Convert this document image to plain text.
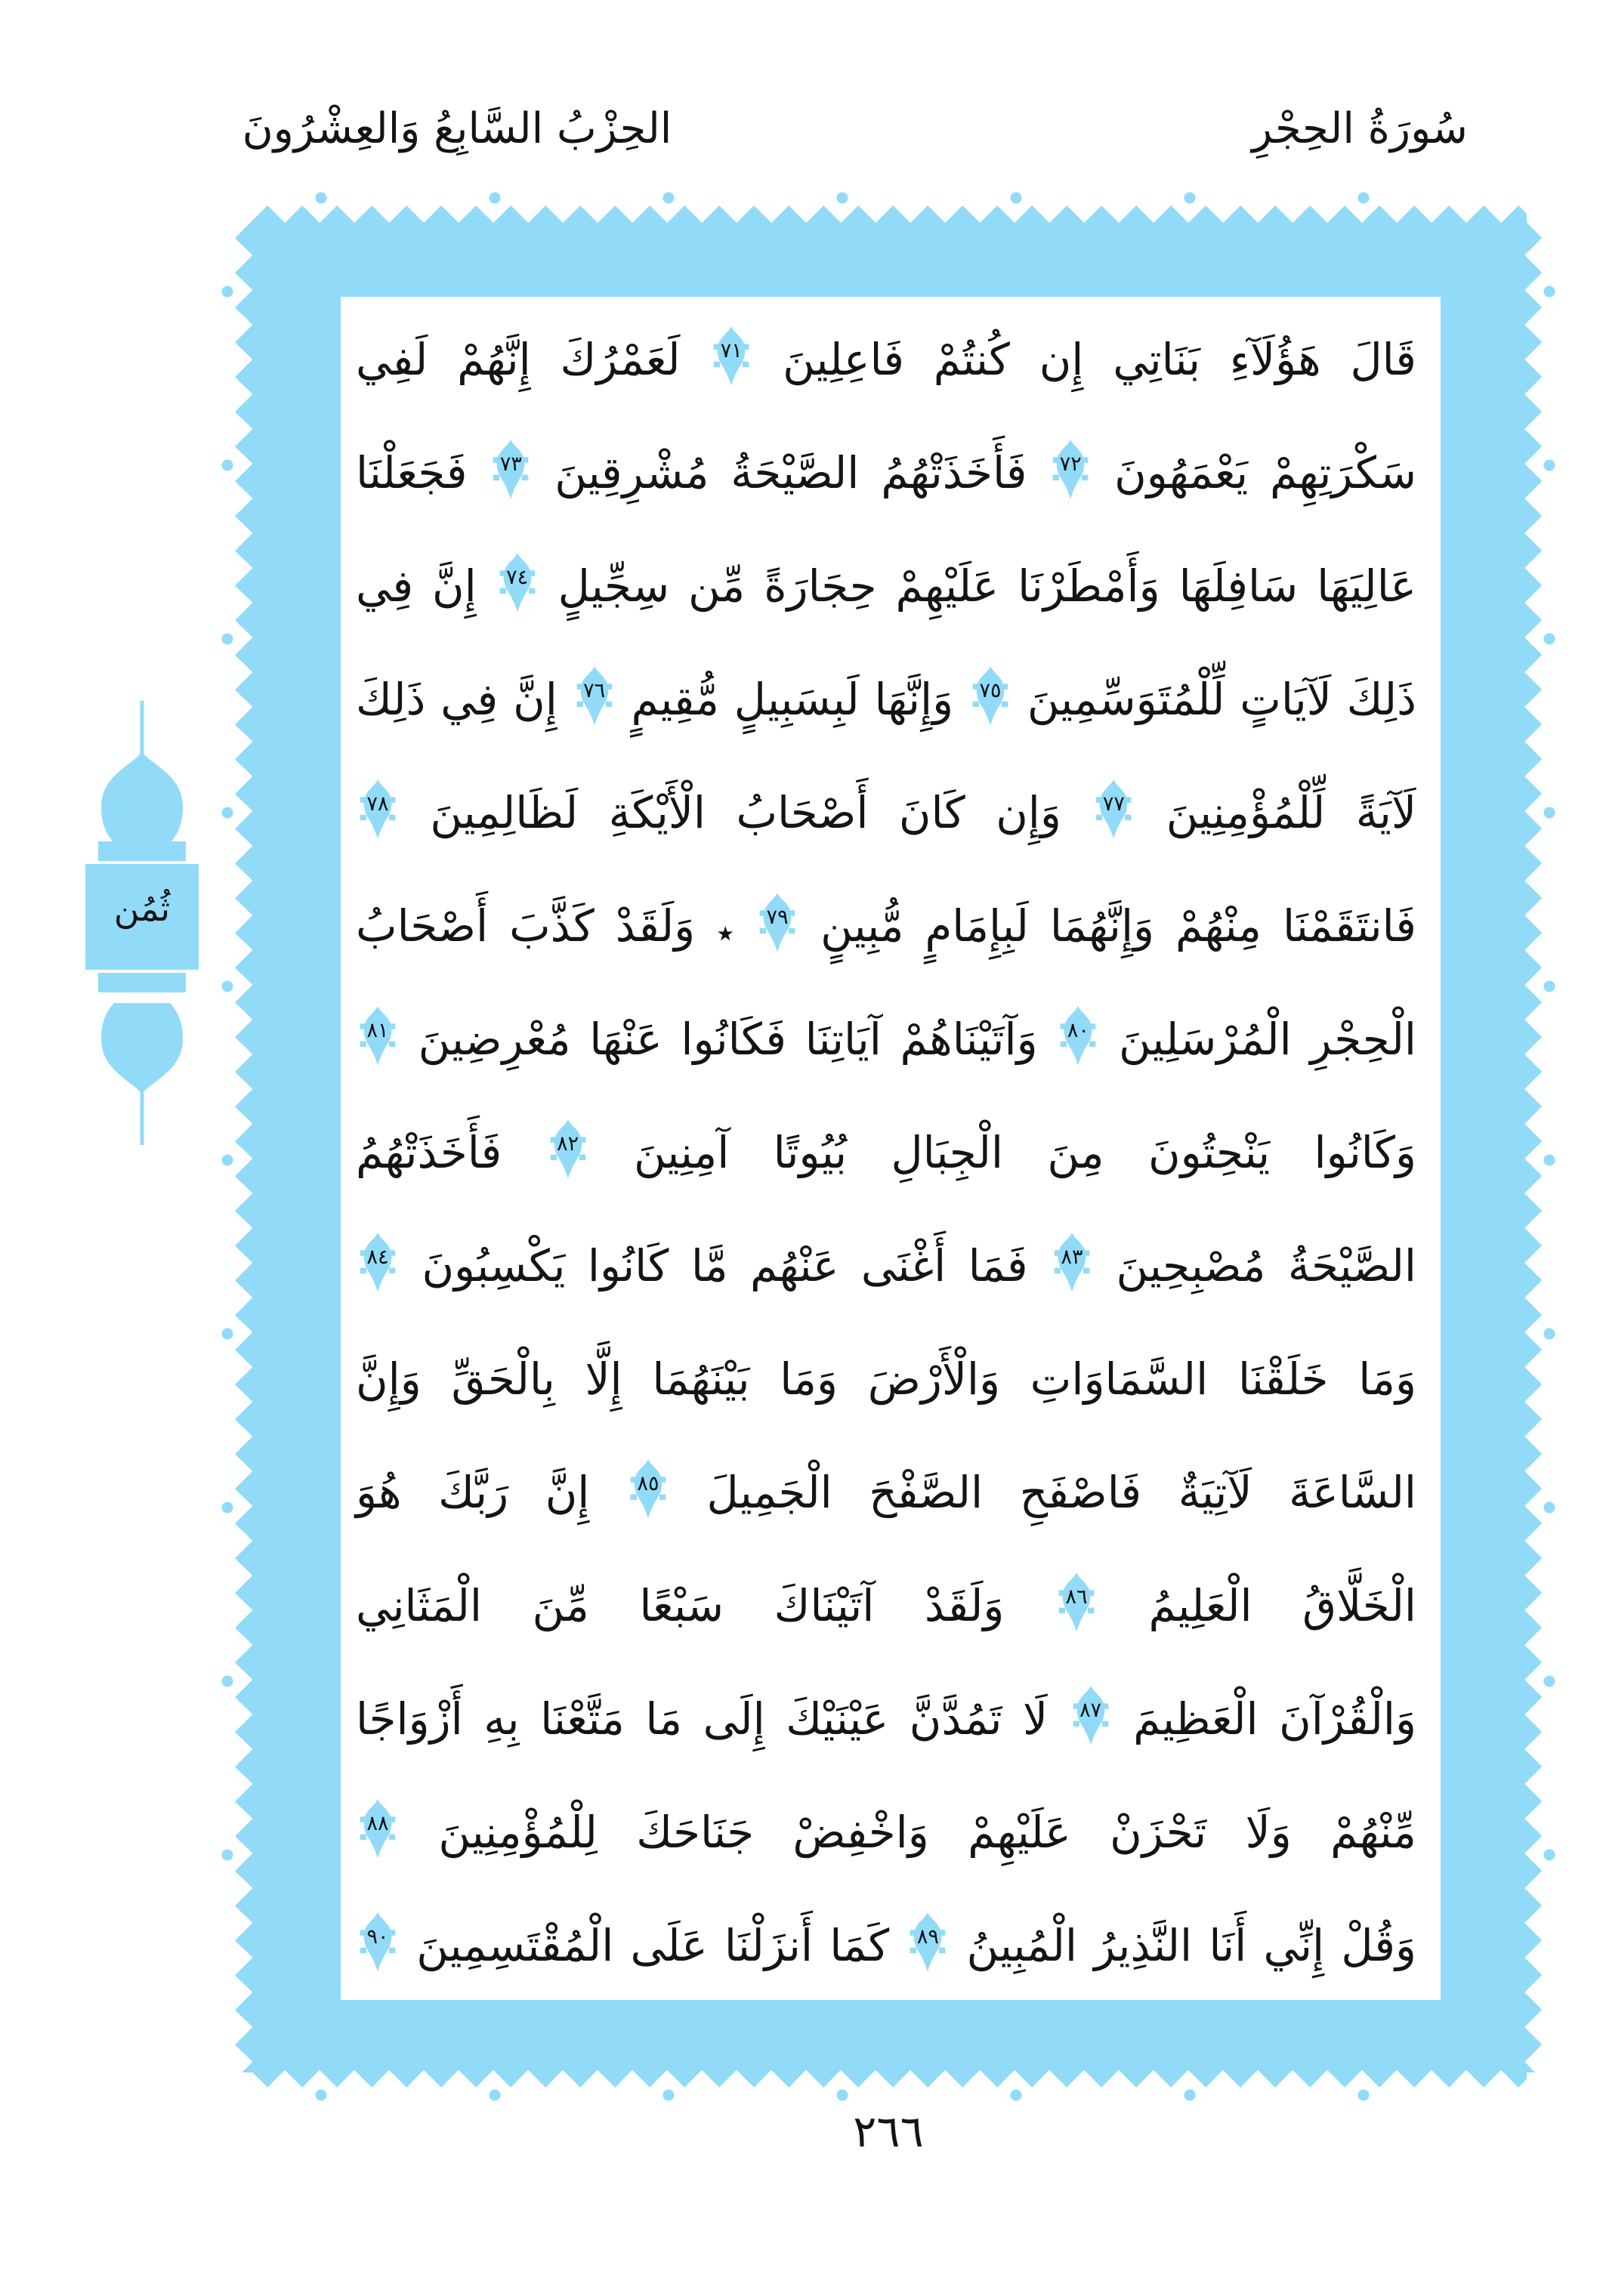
الحِزْبُ السَّابِعُ وَالعِشْرُونَ	سُورَةُ الحِجْرِ
قَالَ هَؤُلَآءِ بَنَاتِي إِن كُنتُمْ فَاعِلِينَ
٧١
لَعَمْرُكَ إِنَّهُمْ لَفِي
سَكْرَتِهِمْ يَعْمَهُونَ
٧٢
فَأَخَذَتْهُمُ الصَّيْحَةُ مُشْرِقِينَ
٧٣
فَجَعَلْنَا
عَالِيَهَا سَافِلَهَا وَأَمْطَرْنَا عَلَيْهِمْ حِجَارَةً مِّن سِجِّيلٍ
٧٤
إِنَّ فِي
ذَلِكَ لَآيَاتٍ لِّلْمُتَوَسِّمِينَ
٧٥
وَإِنَّهَا لَبِسَبِيلٍ مُّقِيمٍ
٧٦
إِنَّ فِي ذَلِكَ
لَآيَةً لِّلْمُؤْمِنِينَ
٧٧
وَإِن كَانَ أَصْحَابُ الْأَيْكَةِ لَظَالِمِينَ
٧٨
فَانتَقَمْنَا مِنْهُمْ وَإِنَّهُمَا لَبِإِمَامٍ مُّبِينٍ
٧٩
٭ وَلَقَدْ كَذَّبَ أَصْحَابُ
الْحِجْرِ الْمُرْسَلِينَ
٨٠
وَآتَيْنَاهُمْ آيَاتِنَا فَكَانُوا عَنْهَا مُعْرِضِينَ
٨١
وَكَانُوا يَنْحِتُونَ مِنَ الْجِبَالِ بُيُوتًا آمِنِينَ
٨٢
فَأَخَذَتْهُمُ
الصَّيْحَةُ مُصْبِحِينَ
٨٣
فَمَا أَغْنَى عَنْهُم مَّا كَانُوا يَكْسِبُونَ
٨٤
وَمَا خَلَقْنَا السَّمَاوَاتِ وَالْأَرْضَ وَمَا بَيْنَهُمَا إِلَّا بِالْحَقِّ وَإِنَّ
السَّاعَةَ لَآتِيَةٌ فَاصْفَحِ الصَّفْحَ الْجَمِيلَ
٨٥
إِنَّ رَبَّكَ هُوَ
الْخَلَّاقُ الْعَلِيمُ
٨٦
وَلَقَدْ آتَيْنَاكَ سَبْعًا مِّنَ الْمَثَانِي
وَالْقُرْآنَ الْعَظِيمَ
٨٧
لَا تَمُدَّنَّ عَيْنَيْكَ إِلَى مَا مَتَّعْنَا بِهِ أَزْوَاجًا
مِّنْهُمْ وَلَا تَحْزَنْ عَلَيْهِمْ وَاخْفِضْ جَنَاحَكَ لِلْمُؤْمِنِينَ
٨٨
وَقُلْ إِنِّي أَنَا النَّذِيرُ الْمُبِينُ
٨٩
كَمَا أَنزَلْنَا عَلَى الْمُقْتَسِمِينَ
٩٠
ثُمُن
٢٦٦
